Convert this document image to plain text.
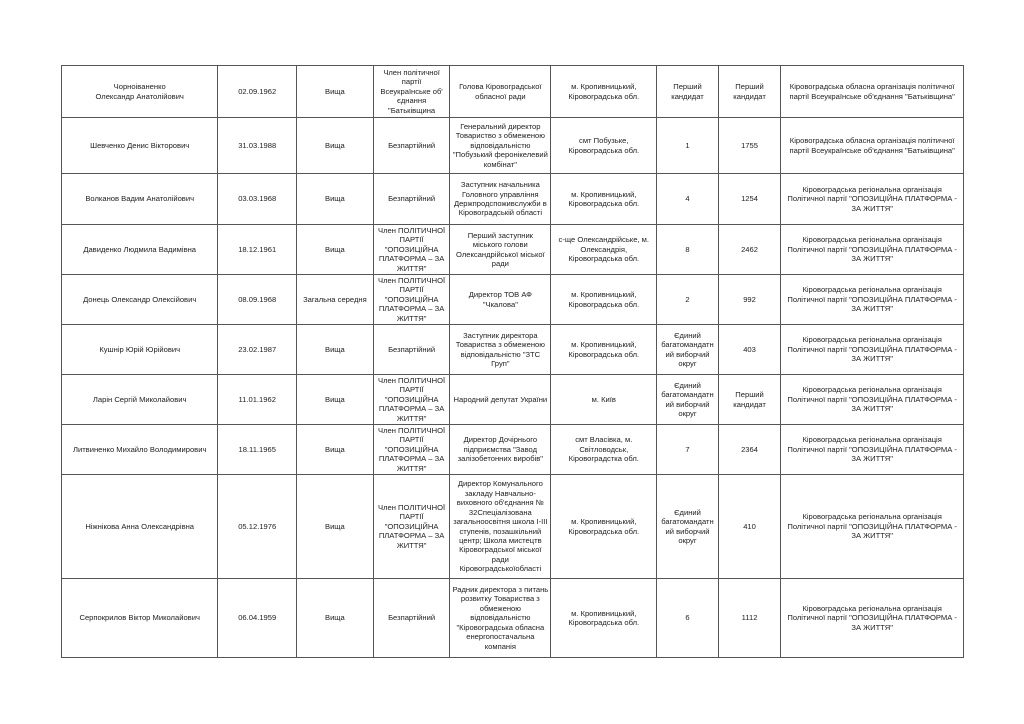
Чорноіваненко
Олександр Анатолійович	02.09.1962	Вища	Член політичної партії Всеукраїнське об' єднання "Батьківщина	Голова Кіровоградської обласної ради	м. Кропивницький, Кіровоградська обл.	Перший кандидат	Перший кандидат	Кіровоградська обласна організація політичної партії Всеукраїнське об'єднання "Батьківщина"
Шевченко Денис Вікторович	31.03.1988	Вища	Безпартійний	Генеральний директор Товариство з обмеженою відповідальністю "Побузький феронікелевий комбінат"	смт Побузьке, Кіровоградська обл.	1	1755	Кіровоградська обласна організація політичної партії Всеукраїнське об'єднання "Батьківщина"
Волканов Вадим Анатолійович	03.03.1968	Вища	Безпартійний	Заступник начальника Головного управління Держпродспоживслужби в Кіровоградській області	м. Кропивницький, Кіровоградська обл.	4	1254	Кіровоградська регіональна організація Політичної партії "ОПОЗИЦІЙНА ПЛАТФОРМА - ЗА ЖИТТЯ"
Давиденко Людмила Вадимівна	18.12.1961	Вища	Член ПОЛІТИЧНОЇ ПАРТІЇ "ОПОЗИЦІЙНА ПЛАТФОРМА – ЗА ЖИТТЯ"	Перший заступник міського голови Олександрійської міської ради	с-ще Олександрійське, м. Олександрія, Кіровоградська обл.	8	2462	Кіровоградська регіональна організація Політичної партії "ОПОЗИЦІЙНА ПЛАТФОРМА - ЗА ЖИТТЯ"
Донець Олександр Олексійович	08.09.1968	Загальна середня	Член ПОЛІТИЧНОЇ ПАРТІЇ "ОПОЗИЦІЙНА ПЛАТФОРМА – ЗА ЖИТТЯ"	Директор ТОВ АФ "Чкалова"	м. Кропивницький, Кіровоградська обл.	2	992	Кіровоградська регіональна організація Політичної партії "ОПОЗИЦІЙНА ПЛАТФОРМА - ЗА ЖИТТЯ"
Кушнір Юрій Юрійович	23.02.1987	Вища	Безпартійний	Заступник директора Товариства з обмеженою відповідальністю "ЗТС Груп"	м. Кропивницький, Кіровоградська обл.	Єдиний багатомандатн ий виборчий округ	403	Кіровоградська регіональна організація Політичної партії "ОПОЗИЦІЙНА ПЛАТФОРМА - ЗА ЖИТТЯ"
Ларін Сергій Миколайович	11.01.1962	Вища	Член ПОЛІТИЧНОЇ ПАРТІЇ "ОПОЗИЦІЙНА ПЛАТФОРМА – ЗА ЖИТТЯ"	Народний депутат України	м. Київ	Єдиний багатомандатн ий виборчий округ	Перший кандидат	Кіровоградська регіональна організація Політичної партії "ОПОЗИЦІЙНА ПЛАТФОРМА - ЗА ЖИТТЯ"
Литвиненко Михайло Володимирович	18.11.1965	Вища	Член ПОЛІТИЧНОЇ ПАРТІЇ "ОПОЗИЦІЙНА ПЛАТФОРМА – ЗА ЖИТТЯ"	Директор Дочірнього підприємства "Завод залізобетонних виробів"	смт Власівка, м. Світловодськ, Кіровоградстка обл.	7	2364	Кіровоградська регіональна організація Політичної партії "ОПОЗИЦІЙНА ПЛАТФОРМА - ЗА ЖИТТЯ"
Ніжнікова Анна Олександрівна	05.12.1976	Вища	Член ПОЛІТИЧНОЇ ПАРТІЇ "ОПОЗИЦІЙНА ПЛАТФОРМА – ЗА ЖИТТЯ"	Директор Комунального закладу Навчально-виховного об'єднання № 32Спеціалізована загальноосвітня школа І-ІІІ ступенів, позашкільний центр; Школа мистецтв Кіровоградської міської ради Кіровоградськоїобласті	м. Кропивницький, Кіровоградська обл.	Єдиний багатомандатн ий виборчий округ	410	Кіровоградська регіональна організація Політичної партії "ОПОЗИЦІЙНА ПЛАТФОРМА - ЗА ЖИТТЯ"
Серпокрилов Віктор Миколайович	06.04.1959	Вища	Безпартійний	Радник директора з питань розвитку Товариства з обмеженою відповідальністю "Кіровоградська обласна енергопостачальна компанія	м. Кропивницький, Кіровоградська обл.	6	1112	Кіровоградська регіональна організація Політичної партії "ОПОЗИЦІЙНА ПЛАТФОРМА - ЗА ЖИТТЯ"
